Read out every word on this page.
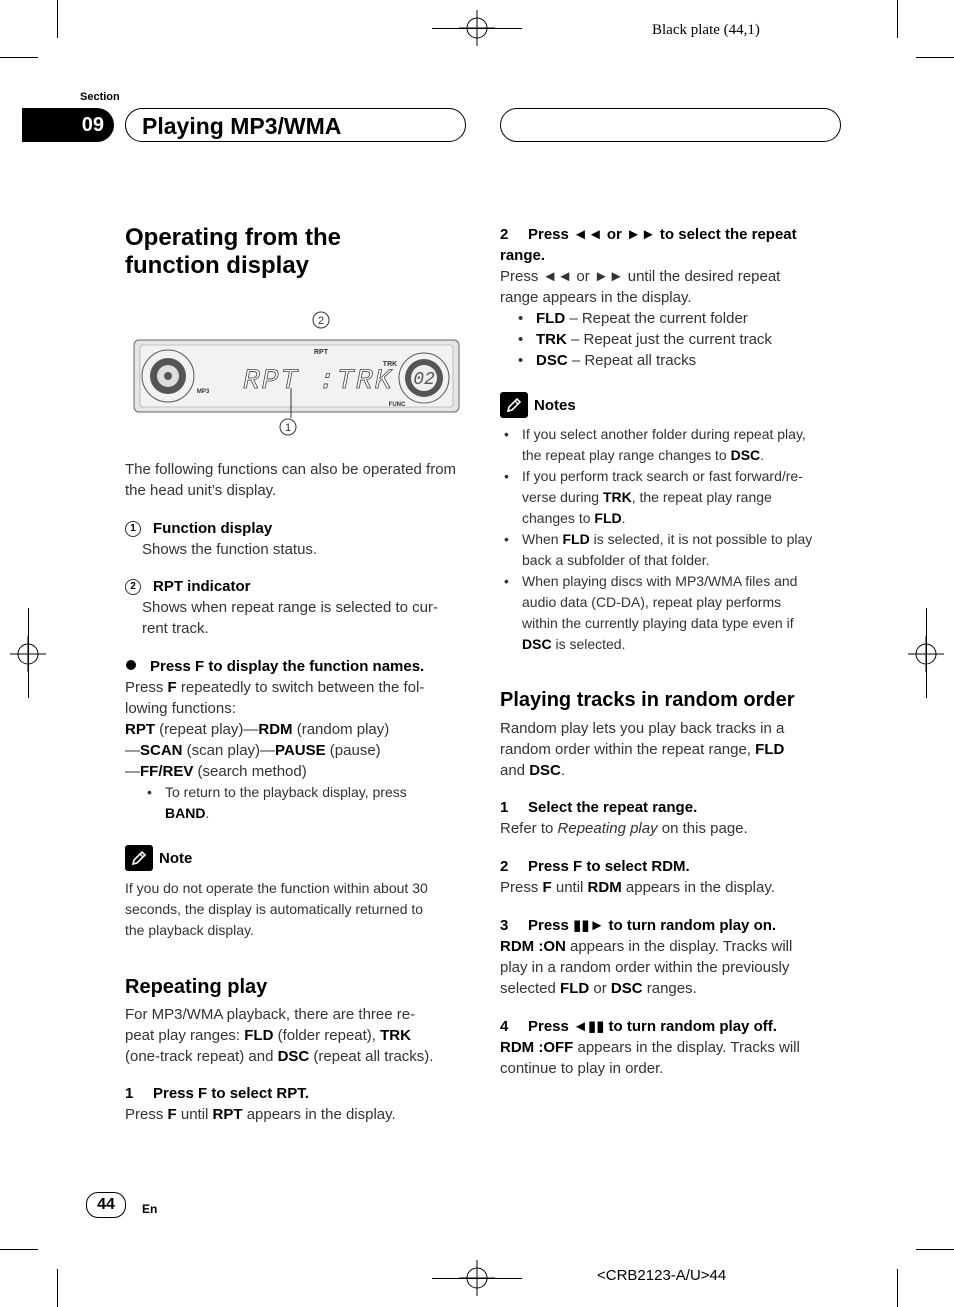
Black plate (44,1)
Section
09	Playing MP3/WMA
Operating from the
function display
2
02
RPT
TRK
MP3
FUNC
RPT :TRK
1
The following functions can also be operated from the head unit’s display.
1 Function display
Shows the function status.
2 RPT indicator
Shows when repeat range is selected to cur-
rent track.
Press F to display the function names.
Press F repeatedly to switch between the fol-
lowing functions:
RPT (repeat play)—RDM (random play)
—SCAN (scan play)—PAUSE (pause)
—FF/REV (search method)
• To return to the playback display, press
BAND.
Note
If you do not operate the function within about 30
seconds, the display is automatically returned to
the playback display.
Repeating play
For MP3/WMA playback, there are three re-
peat play ranges: FLD (folder repeat), TRK
(one-track repeat) and DSC (repeat all tracks).
1 Press F to select RPT.
Press F until RPT appears in the display.
2 Press ◄◄ or ►► to select the repeat
range.
Press ◄◄ or ►► until the desired repeat
range appears in the display.
• FLD – Repeat the current folder
• TRK – Repeat just the current track
• DSC – Repeat all tracks
Notes
• If you select another folder during repeat play,
the repeat play range changes to DSC.
• If you perform track search or fast forward/re-
verse during TRK, the repeat play range
changes to FLD.
• When FLD is selected, it is not possible to play
back a subfolder of that folder.
• When playing discs with MP3/WMA files and
audio data (CD-DA), repeat play performs
within the currently playing data type even if
DSC is selected.
Playing tracks in random order
Random play lets you play back tracks in a
random order within the repeat range, FLD
and DSC.
1 Select the repeat range.
Refer to Repeating play on this page.
2 Press F to select RDM.
Press F until RDM appears in the display.
3 Press ▮▮► to turn random play on.
RDM :ON appears in the display. Tracks will
play in a random order within the previously
selected FLD or DSC ranges.
4 Press ◄▮▮ to turn random play off.
RDM :OFF appears in the display. Tracks will
continue to play in order.
44	En
<CRB2123-A/U>44
